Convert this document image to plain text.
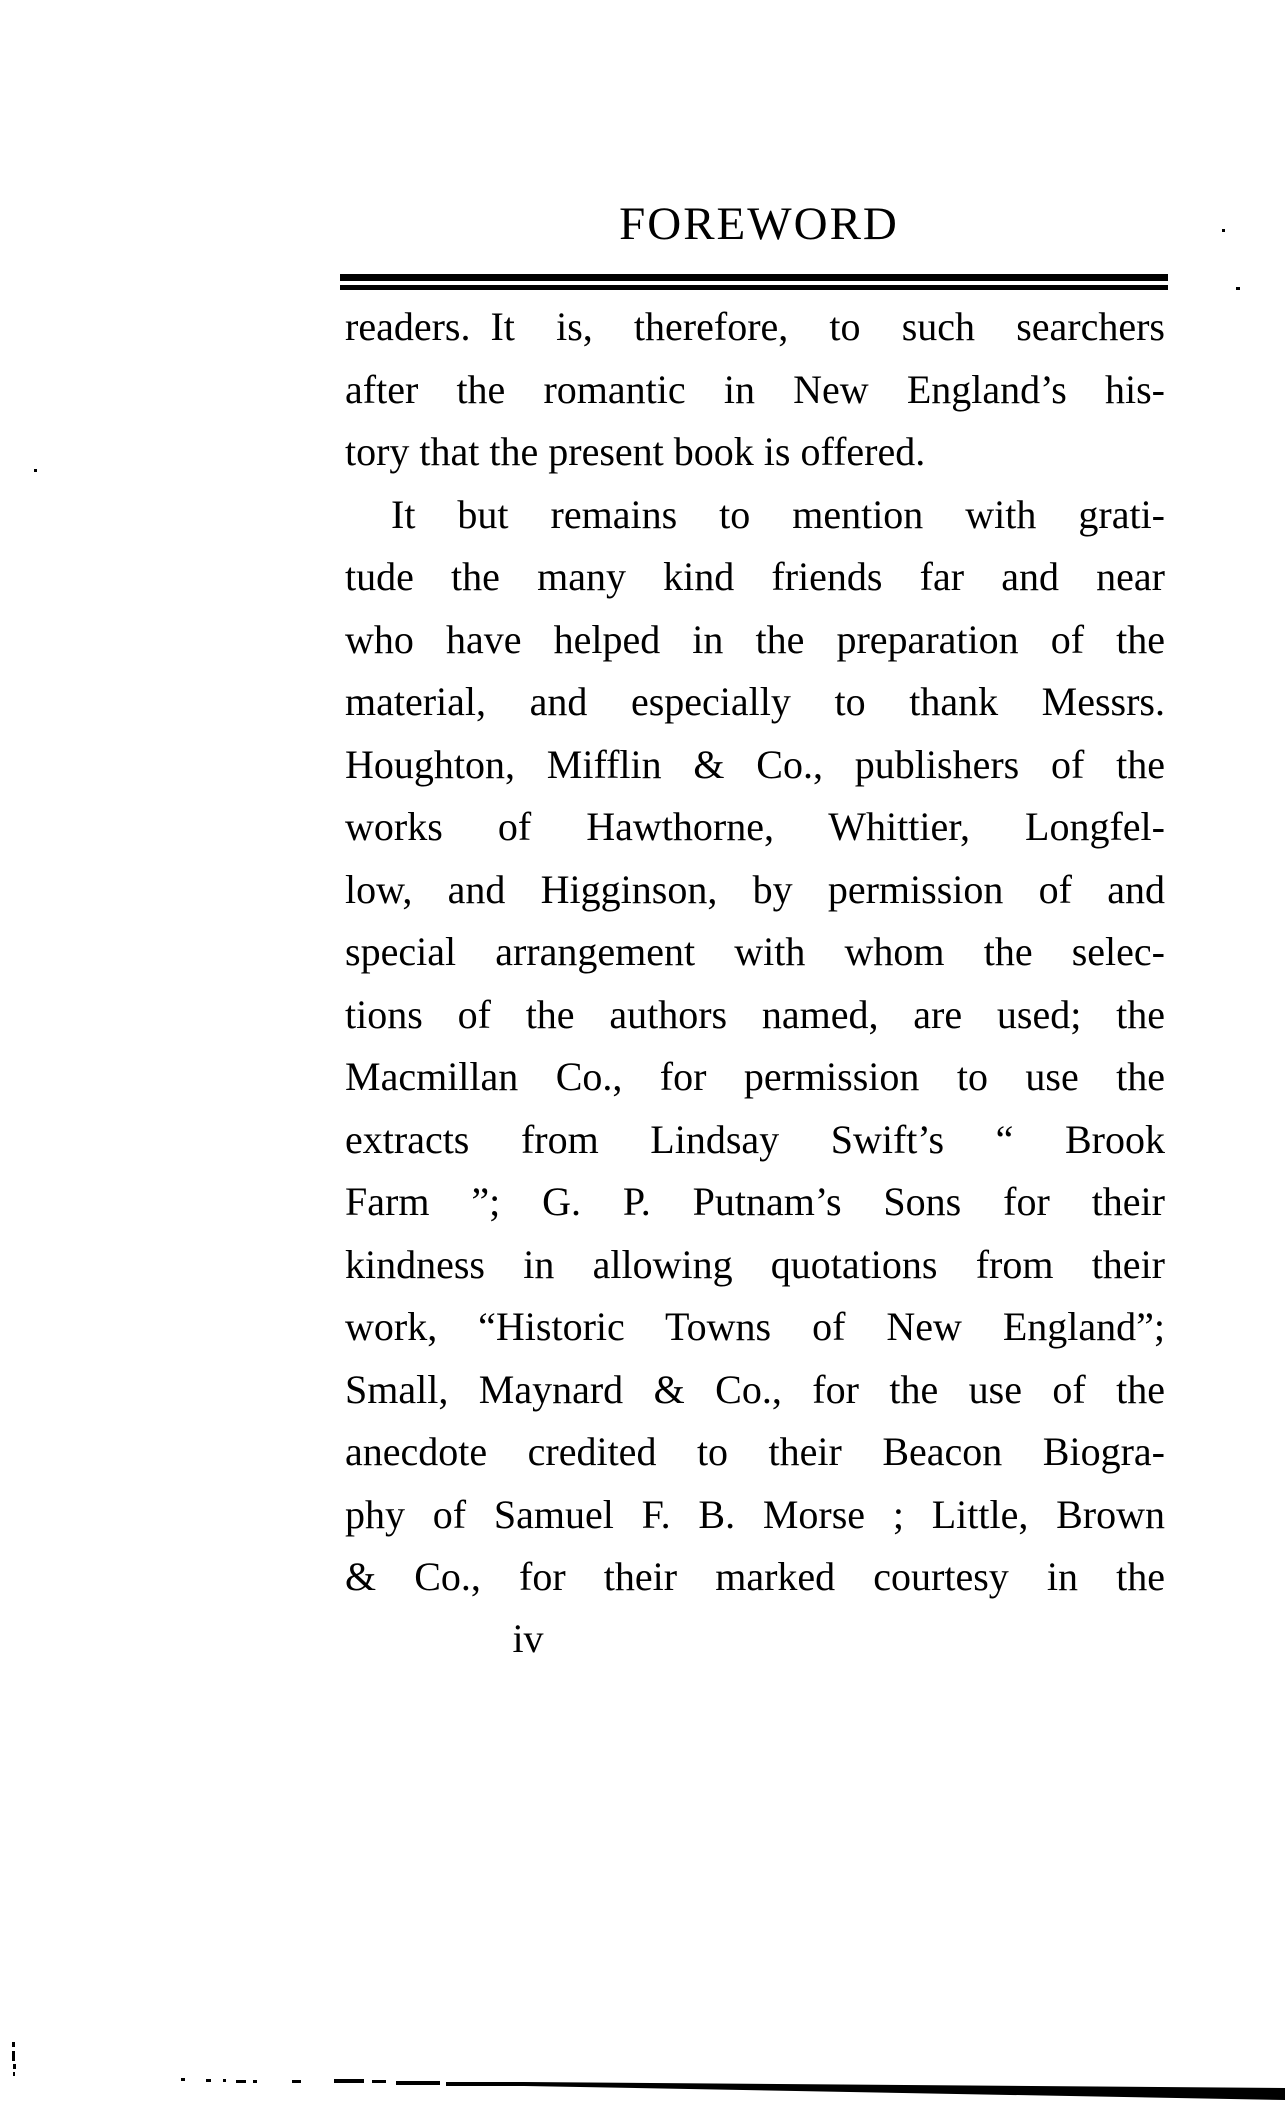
FOREWORD
readers. It is, therefore, to such searchers
after the romantic in New England’s his-
tory that the present book is offered.
It but remains to mention with grati-
tude the many kind friends far and near
who have helped in the preparation of the
material, and especially to thank Messrs.
Houghton, Mifflin & Co., publishers of the
works of Hawthorne, Whittier, Longfel-
low, and Higginson, by permission of and
special arrangement with whom the selec-
tions of the authors named, are used; the
Macmillan Co., for permission to use the
extracts from Lindsay Swift’s “ Brook
Farm ”; G. P. Putnam’s Sons for their
kindness in allowing quotations from their
work, “Historic Towns of New England”;
Small, Maynard & Co., for the use of the
anecdote credited to their Beacon Biogra-
phy of Samuel F. B. Morse ; Little, Brown
& Co., for their marked courtesy in the
iv
